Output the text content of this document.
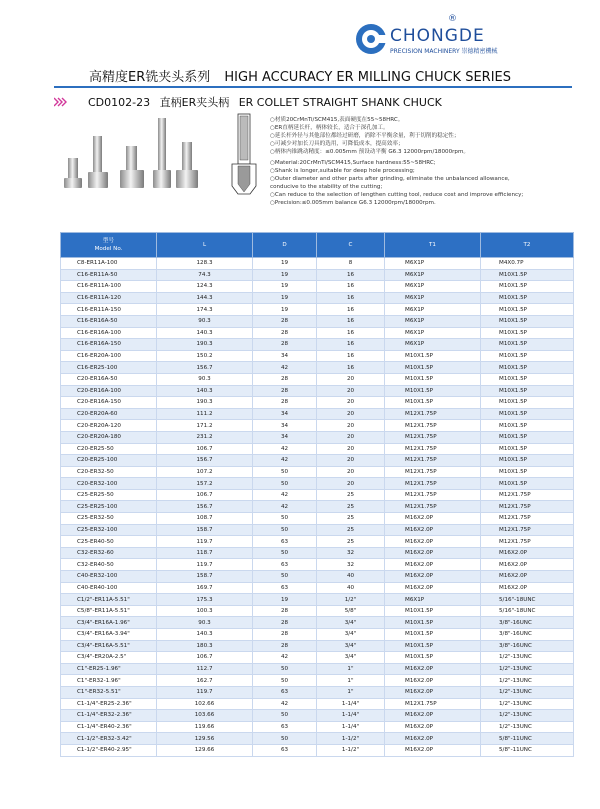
CHONGDE
®
PRECISION MACHINERY 崇德精密機械
高精度ER铣夹头系列 HIGH ACCURACY ER MILLING CHUCK SERIES
CD0102-23 直柄ER夹头柄 ER COLLET STRAIGHT SHANK CHUCK
○材质20CrMnTi/SCM415,表面硬度在55~58HRC。
○ER直柄延长杆，柄体较长，适合于深孔加工。
○延长杆外径与其他部位都经过研磨，消除不平衡余量，利于切削的稳定性；
○可减少对加长刀具的选用，可降低成本，提高效率；
○柄体内锥跳动精度：≤0.005mm 预设动平衡 G6.3 12000rpm/18000rpm。
○Material:20CrMnTi/SCM415,Surface hardness:55~58HRC;
○Shank is longer,suitable for deep hole processing;
○Outer diameter and other parts after grinding, eliminate the unbalanced allowance,
conducive to the stability of the cutting;
○Can reduce to the selection of lengthen cutting tool, reduce cost and improve efficiency;
○Precision:≤0.005mm balance G6.3 12000rpm/18000rpm.
型号
Model No.	L	D	C	T1	T2
C8-ER11A-100	128.3	19	8	M6X1P	M4X0.7P
C16-ER11A-50	74.3	19	16	M6X1P	M10X1.5P
C16-ER11A-100	124.3	19	16	M6X1P	M10X1.5P
C16-ER11A-120	144.3	19	16	M6X1P	M10X1.5P
C16-ER11A-150	174.3	19	16	M6X1P	M10X1.5P
C16-ER16A-50	90.3	28	16	M6X1P	M10X1.5P
C16-ER16A-100	140.3	28	16	M6X1P	M10X1.5P
C16-ER16A-150	190.3	28	16	M6X1P	M10X1.5P
C16-ER20A-100	150.2	34	16	M10X1.5P	M10X1.5P
C16-ER25-100	156.7	42	16	M10X1.5P	M10X1.5P
C20-ER16A-50	90.3	28	20	M10X1.5P	M10X1.5P
C20-ER16A-100	140.3	28	20	M10X1.5P	M10X1.5P
C20-ER16A-150	190.3	28	20	M10X1.5P	M10X1.5P
C20-ER20A-60	111.2	34	20	M12X1.75P	M10X1.5P
C20-ER20A-120	171.2	34	20	M12X1.75P	M10X1.5P
C20-ER20A-180	231.2	34	20	M12X1.75P	M10X1.5P
C20-ER25-50	106.7	42	20	M12X1.75P	M10X1.5P
C20-ER25-100	156.7	42	20	M12X1.75P	M10X1.5P
C20-ER32-50	107.2	50	20	M12X1.75P	M10X1.5P
C20-ER32-100	157.2	50	20	M12X1.75P	M10X1.5P
C25-ER25-50	106.7	42	25	M12X1.75P	M12X1.75P
C25-ER25-100	156.7	42	25	M12X1.75P	M12X1.75P
C25-ER32-50	108.7	50	25	M16X2.0P	M12X1.75P
C25-ER32-100	158.7	50	25	M16X2.0P	M12X1.75P
C25-ER40-50	119.7	63	25	M16X2.0P	M12X1.75P
C32-ER32-60	118.7	50	32	M16X2.0P	M16X2.0P
C32-ER40-50	119.7	63	32	M16X2.0P	M16X2.0P
C40-ER32-100	158.7	50	40	M16X2.0P	M16X2.0P
C40-ER40-100	169.7	63	40	M16X2.0P	M16X2.0P
C1/2"-ER11A-5.51"	175.3	19	1/2"	M6X1P	5/16"-18UNC
C5/8"-ER11A-5.51"	100.3	28	5/8"	M10X1.5P	5/16"-18UNC
C3/4"-ER16A-1.96"	90.3	28	3/4"	M10X1.5P	3/8"-16UNC
C3/4"-ER16A-3.94"	140.3	28	3/4"	M10X1.5P	3/8"-16UNC
C3/4"-ER16A-5.51"	180.3	28	3/4"	M10X1.5P	3/8"-16UNC
C3/4"-ER20A-2.5"	106.7	42	3/4"	M10X1.5P	1/2"-13UNC
C1"-ER25-1.96"	112.7	50	1"	M16X2.0P	1/2"-13UNC
C1"-ER32-1.96"	162.7	50	1"	M16X2.0P	1/2"-13UNC
C1"-ER32-5.51"	119.7	63	1"	M16X2.0P	1/2"-13UNC
C1-1/4"-ER25-2.36"	102.66	42	1-1/4"	M12X1.75P	1/2"-13UNC
C1-1/4"-ER32-2.36"	103.66	50	1-1/4"	M16X2.0P	1/2"-13UNC
C1-1/4"-ER40-2.36"	119.66	63	1-1/4"	M16X2.0P	1/2"-13UNC
C1-1/2"-ER32-3.42"	129.56	50	1-1/2"	M16X2.0P	5/8"-11UNC
C1-1/2"-ER40-2.95"	129.66	63	1-1/2"	M16X2.0P	5/8"-11UNC
